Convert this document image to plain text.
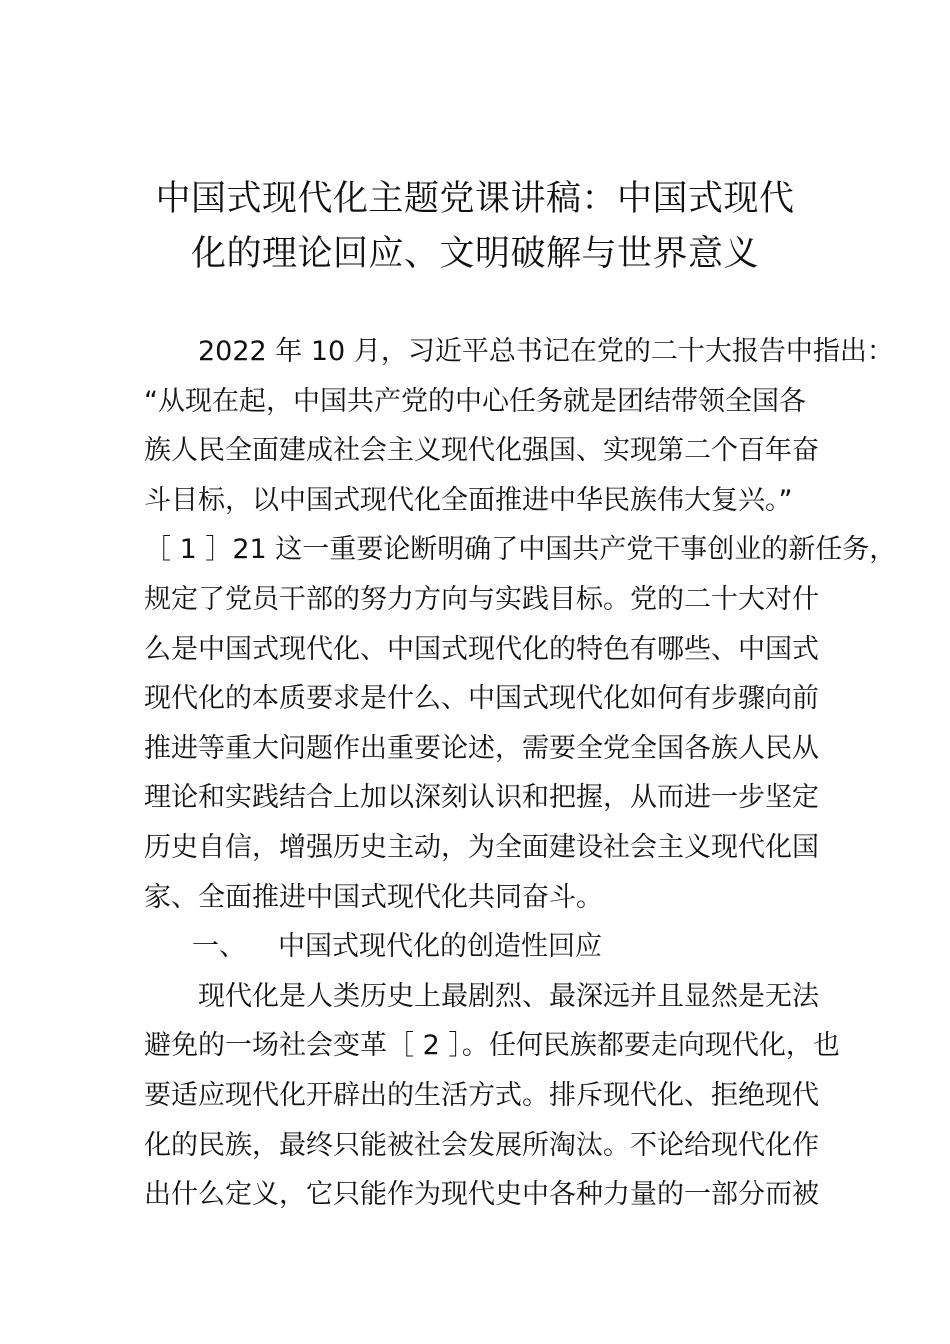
中国式现代化主题党课讲稿：中国式现代
化的理论回应、文明破解与世界意义
2022 年 10 月，习近平总书记在党的二十大报告中指出：
“从现在起，中国共产党的中心任务就是团结带领全国各
族人民全面建成社会主义现代化强国、实现第二个百年奋
斗目标，以中国式现代化全面推进中华民族伟大复兴。”
［ 1 ］21 这一重要论断明确了中国共产党干事创业的新任务，
规定了党员干部的努力方向与实践目标。党的二十大对什
么是中国式现代化、中国式现代化的特色有哪些、中国式
现代化的本质要求是什么、中国式现代化如何有步骤向前
推进等重大问题作出重要论述，需要全党全国各族人民从
理论和实践结合上加以深刻认识和把握，从而进一步坚定
历史自信，增强历史主动，为全面建设社会主义现代化国
家、全面推进中国式现代化共同奋斗。
一、 中国式现代化的创造性回应
现代化是人类历史上最剧烈、最深远并且显然是无法
避免的一场社会变革［ 2 ］。任何民族都要走向现代化，也
要适应现代化开辟出的生活方式。排斥现代化、拒绝现代
化的民族，最终只能被社会发展所淘汰。不论给现代化作
出什么定义，它只能作为现代史中各种力量的一部分而被
